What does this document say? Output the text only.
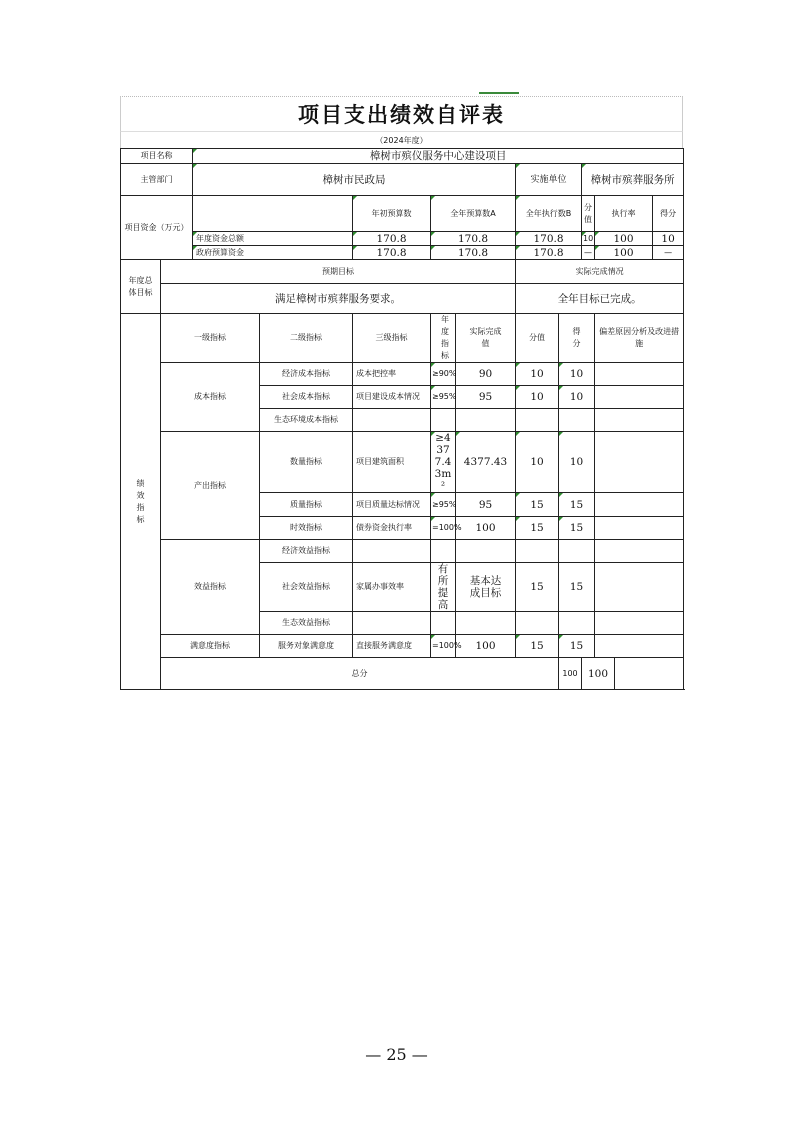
项目支出绩效自评表
（2024年度）
项目名称		樟树市殡仪服务中心建设项目										
主管部门		樟树市民政局					实施单位		樟树市殡葬服务所			
项目资金（万元）				年初预算数	全年预算数A		全年执行数B		分值	执行率		得分
		年度资金总额		170.8	170.8		170.8		10	100		10
		政府预算资金		170.8	170.8		170.8		—	100		—
年度总体目标	预期目标						实际完成情况					
	满足樟树市殡葬服务要求。						全年目标已完成。					
绩效指标	一级指标		二级指标	三级指标	年度指标	实际完成值	分值	得分		偏差原因分析及改进措施		
	成本指标		经济成本指标	成本把控率	≥90%	90	10	10				
			社会成本指标	项目建设成本情况	≥95%	95	10	10				
			生态环境成本指标									
	产出指标		数量指标	项目建筑面积	≥4377.43m²	4377.43	10	10				
			质量指标	项目质量达标情况	≥95%	95	15	15				
			时效指标	债券资金执行率	=100%	100	15	15				
	效益指标		经济效益指标									
			社会效益指标	家属办事效率	有所提高	基本达成目标	15	15				
			生态效益指标									
	满意度指标		服务对象满意度	直接服务满意度	=100%	100	15	15				
	总分							100	100			
— 25 —
